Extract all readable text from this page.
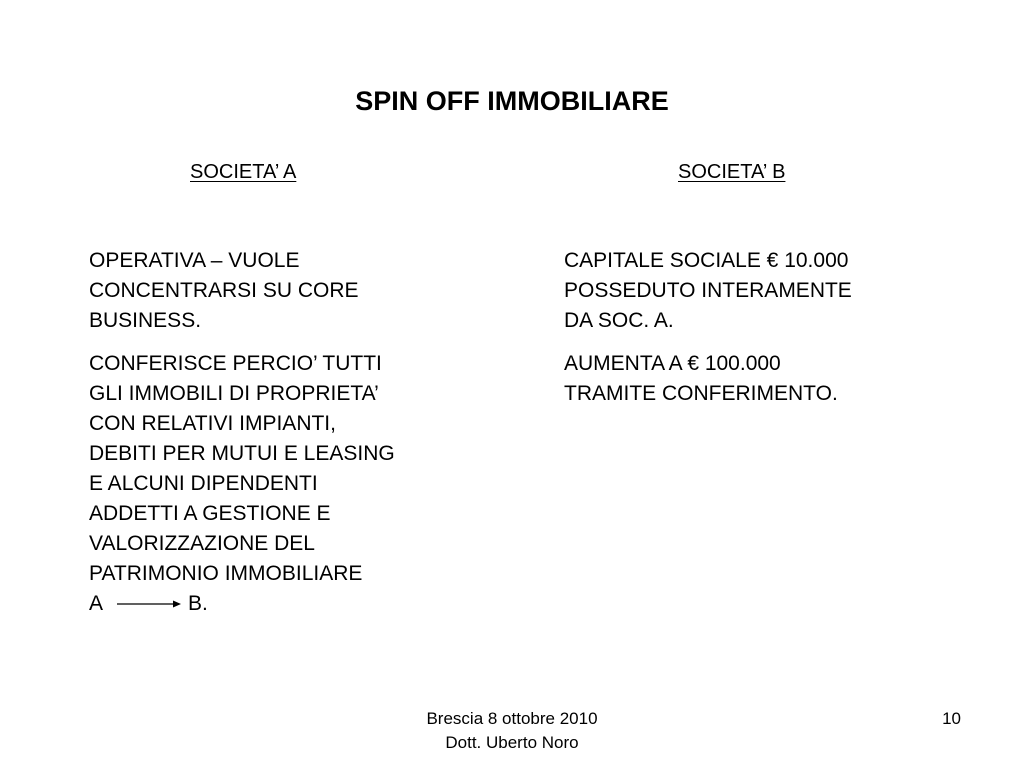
SPIN OFF IMMOBILIARE
SOCIETA’ A	SOCIETA’ B
OPERATIVA – VUOLE
CONCENTRARSI SU CORE
BUSINESS.
CONFERISCE PERCIO’ TUTTI
GLI IMMOBILI DI PROPRIETA’
CON RELATIVI IMPIANTI,
DEBITI PER MUTUI E LEASING
E ALCUNI DIPENDENTI
ADDETTI A GESTIONE E
VALORIZZAZIONE DEL
PATRIMONIO IMMOBILIARE
A	B.
CAPITALE SOCIALE € 10.000
POSSEDUTO INTERAMENTE
DA SOC. A.
AUMENTA A € 100.000
TRAMITE CONFERIMENTO.
Brescia 8 ottobre 2010
Dott. Uberto Noro
10
